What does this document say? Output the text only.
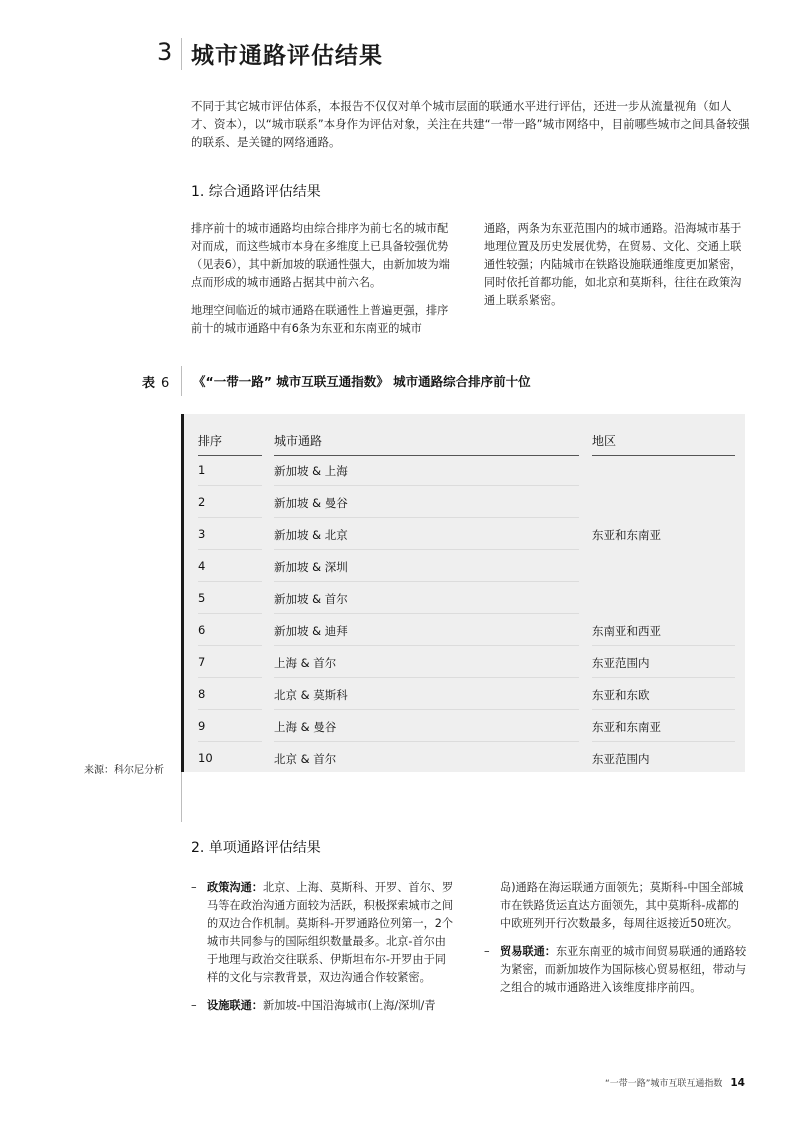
3 城市通路评估结果
不同于其它城市评估体系，本报告不仅仅对单个城市层面的联通水平进行评估，还进一步从流量视角（如人才、资本），以“城市联系”本身作为评估对象，关注在共建“一带一路”城市网络中，目前哪些城市之间具备较强的联系、是关键的网络通路。
1. 综合通路评估结果

排序前十的城市通路均由综合排序为前七名的城市配对而成，而这些城市本身在多维度上已具备较强优势（见表6），其中新加坡的联通性强大，由新加坡为端点而形成的城市通路占据其中前六名。

地理空间临近的城市通路在联通性上普遍更强，排序前十的城市通路中有6条为东亚和东南亚的城市

通路，两条为东亚范围内的城市通路。沿海城市基于地理位置及历史发展优势，在贸易、文化、交通上联通性较强；内陆城市在铁路设施联通维度更加紧密，同时依托首都功能，如北京和莫斯科，往往在政策沟通上联系紧密。

表 6 《“一带一路” 城市互联互通指数》 城市通路综合排序前十位
排序	城市通路	地区
1	新加坡 & 上海
2	新加坡 & 曼谷
3	新加坡 & 北京	东亚和东南亚
4	新加坡 & 深圳
5	新加坡 & 首尔
6	新加坡 & 迪拜	东南亚和西亚
7	上海 & 首尔	东亚范围内
8	北京 & 莫斯科	东亚和东欧
9	上海 & 曼谷	东亚和东南亚
10	北京 & 首尔	东亚范围内
来源：科尔尼分析
2. 单项通路评估结果
– 政策沟通：北京、上海、莫斯科、开罗、首尔、罗马等在政治沟通方面较为活跃，积极探索城市之间的双边合作机制。莫斯科-开罗通路位列第一，2个城市共同参与的国际组织数量最多。北京-首尔由于地理与政治交往联系、伊斯坦布尔-开罗由于同样的文化与宗教背景，双边沟通合作较紧密。
– 设施联通：新加坡-中国沿海城市(上海/深圳/青
岛)通路在海运联通方面领先；莫斯科-中国全部城市在铁路货运直达方面领先，其中莫斯科-成都的中欧班列开行次数最多，每周往返接近50班次。
– 贸易联通：东亚东南亚的城市间贸易联通的通路较为紧密，而新加坡作为国际核心贸易枢纽，带动与之组合的城市通路进入该维度排序前四。
“一带一路”城市互联互通指数 14
